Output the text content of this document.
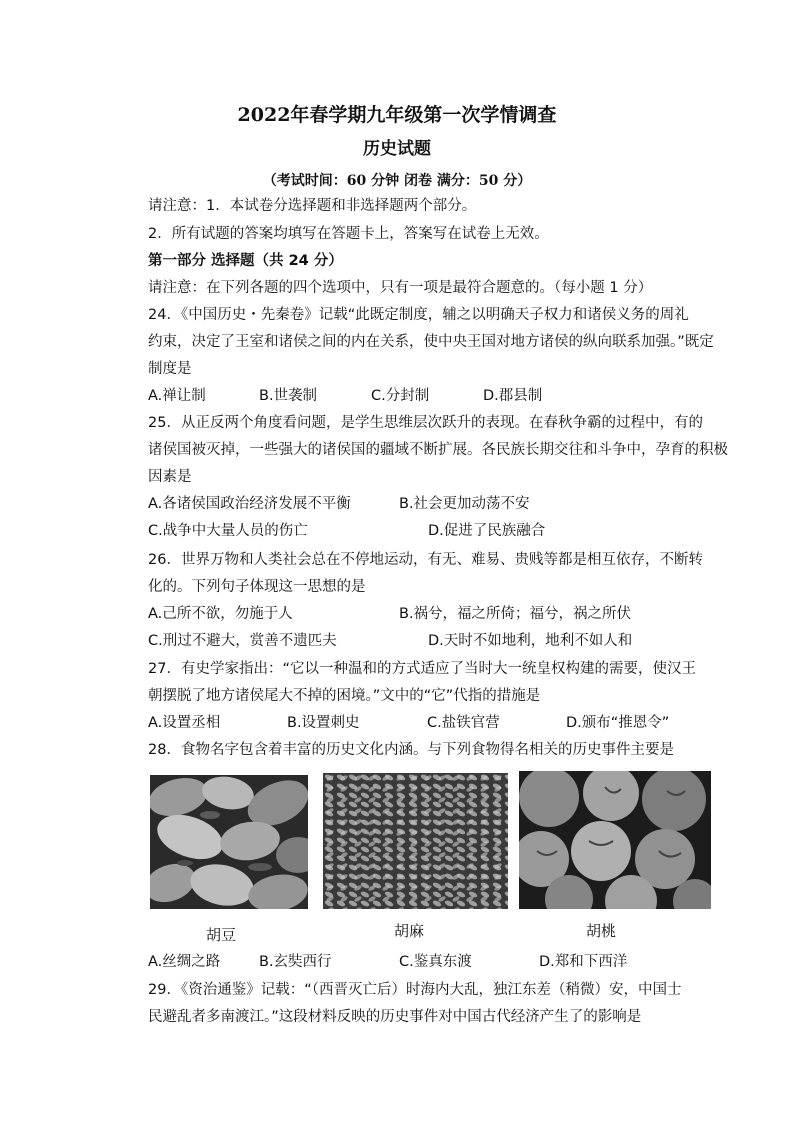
2022年春学期九年级第一次学情调查
历史试题
（考试时间：60 分钟 闭卷 满分：50 分）
请注意：1．本试卷分选择题和非选择题两个部分。
2．所有试题的答案均填写在答题卡上，答案写在试卷上无效。
第一部分 选择题（共 24 分）
请注意：在下列各题的四个选项中，只有一项是最符合题意的。（每小题 1 分）
24．《中国历史・先秦卷》记载“此既定制度，辅之以明确天子权力和诸侯义务的周礼
约束，决定了王室和诸侯之间的内在关系，使中央王国对地方诸侯的纵向联系加强。”既定
制度是
A.禅让制	B.世袭制	C.分封制	D.郡县制
25．从正反两个角度看问题，是学生思维层次跃升的表现。在春秋争霸的过程中，有的
诸侯国被灭掉，一些强大的诸侯国的疆域不断扩展。各民族长期交往和斗争中，孕育的积极
因素是
A.各诸侯国政治经济发展不平衡	B.社会更加动荡不安
C.战争中大量人员的伤亡	D.促进了民族融合
26．世界万物和人类社会总在不停地运动，有无、难易、贵贱等都是相互依存，不断转
化的。下列句子体现这一思想的是
A.己所不欲，勿施于人	B.祸兮，福之所倚；福兮，祸之所伏
C.刑过不避大，赏善不遗匹夫	D.天时不如地利，地利不如人和
27．有史学家指出：“它以一种温和的方式适应了当时大一统皇权构建的需要，使汉王
朝摆脱了地方诸侯尾大不掉的困境。”文中的“它”代指的措施是
A.设置丞相	B.设置刺史	C.盐铁官营	D.颁布“推恩令”
28．食物名字包含着丰富的历史文化内涵。与下列食物得名相关的历史事件主要是
胡豆	胡麻	胡桃
A.丝绸之路	B.玄奘西行	C.鉴真东渡	D.郑和下西洋
29．《资治通鉴》记载：“（西晋灭亡后）时海内大乱，独江东差（稍微）安，中国士
民避乱者多南渡江。”这段材料反映的历史事件对中国古代经济产生了的影响是
